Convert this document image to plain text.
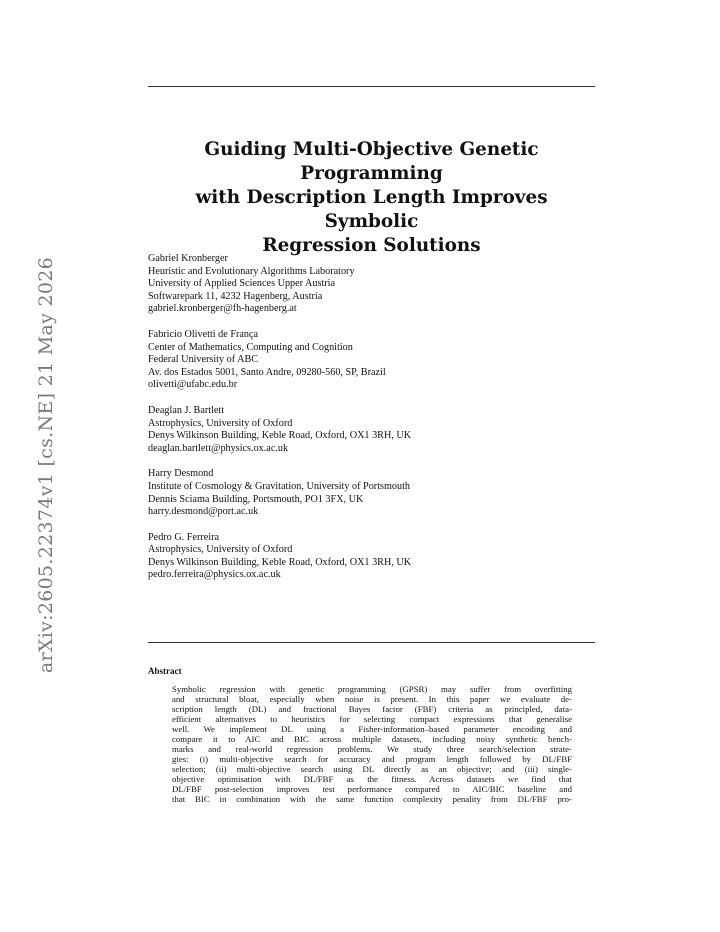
arXiv:2605.22374v1 [cs.NE] 21 May 2026
Guiding Multi-Objective Genetic Programming
with Description Length Improves Symbolic
Regression Solutions
Gabriel Kronberger
Heuristic and Evolutionary Algorithms Laboratory
University of Applied Sciences Upper Austria
Softwarepark 11, 4232 Hagenberg, Austria
gabriel.kronberger@fh-hagenberg.at
Fabricio Olivetti de França
Center of Mathematics, Computing and Cognition
Federal University of ABC
Av. dos Estados 5001, Santo Andre, 09280-560, SP, Brazil
olivetti@ufabc.edu.br
Deaglan J. Bartlett
Astrophysics, University of Oxford
Denys Wilkinson Building, Keble Road, Oxford, OX1 3RH, UK
deaglan.bartlett@physics.ox.ac.uk
Harry Desmond
Institute of Cosmology & Gravitation, University of Portsmouth
Dennis Sciama Building, Portsmouth, PO1 3FX, UK
harry.desmond@port.ac.uk
Pedro G. Ferreira
Astrophysics, University of Oxford
Denys Wilkinson Building, Keble Road, Oxford, OX1 3RH, UK
pedro.ferreira@physics.ox.ac.uk
Abstract
Symbolic regression with genetic programming (GPSR) may suffer from overfitting
and structural bloat, especially when noise is present. In this paper we evaluate de-
scription length (DL) and fractional Bayes factor (FBF) criteria as principled, data-
efficient alternatives to heuristics for selecting compact expressions that generalise
well. We implement DL using a Fisher-information–based parameter encoding and
compare it to AIC and BIC across multiple datasets, including noisy synthetic bench-
marks and real-world regression problems. We study three search/selection strate-
gies: (i) multi-objective search for accuracy and program length followed by DL/FBF
selection; (ii) multi-objective search using DL directly as an objective; and (iii) single-
objective optimisation with DL/FBF as the fitness. Across datasets we find that
DL/FBF post-selection improves test performance compared to AIC/BIC baseline and
that BIC in combination with the same function complexity penality from DL/FBF pro-
